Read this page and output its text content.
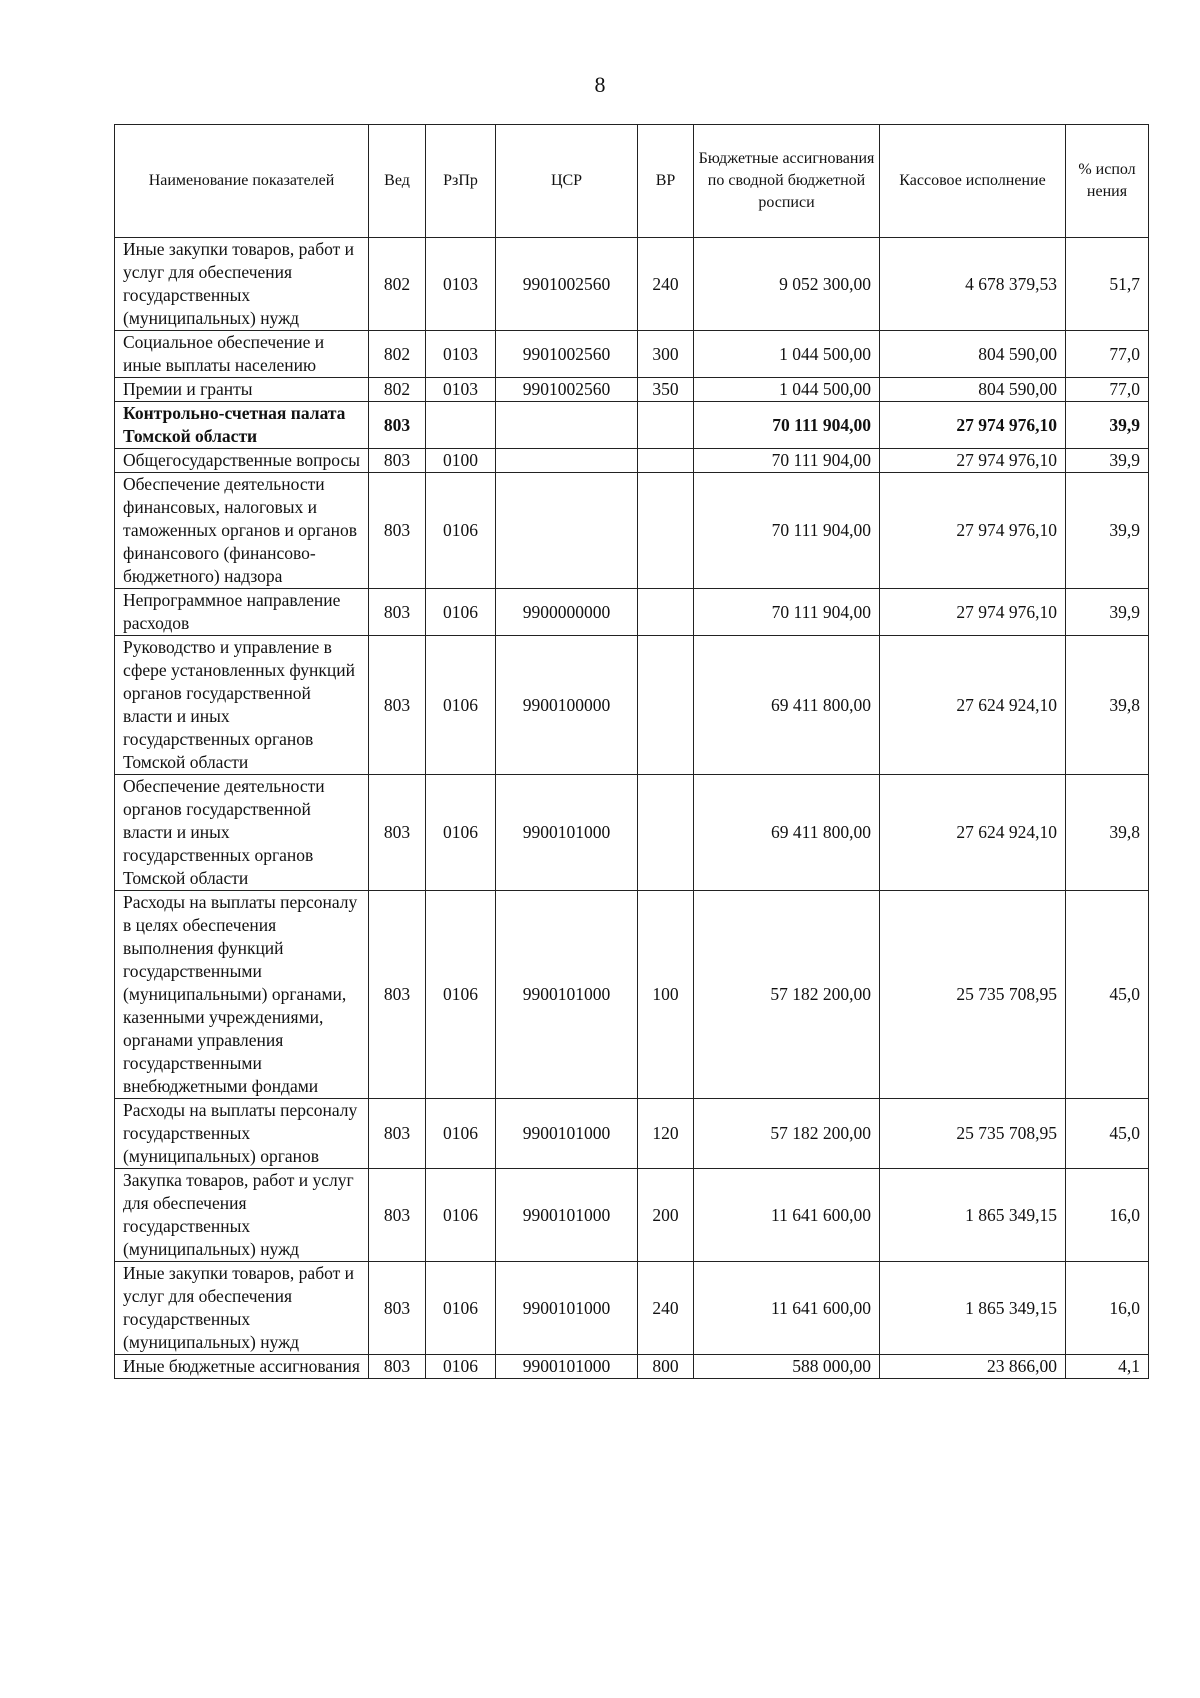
8
Наименование показателей	Вед	РзПр	ЦСР	ВР	Бюджетные ассигнования по сводной бюджетной росписи	Кассовое исполнение	% испол нения
Иные закупки товаров, работ и услуг для обеспечения государственных (муниципальных) нужд	802	0103	9901002560	240	9 052 300,00	4 678 379,53	51,7
Социальное обеспечение и иные выплаты населению	802	0103	9901002560	300	1 044 500,00	804 590,00	77,0
Премии и гранты	802	0103	9901002560	350	1 044 500,00	804 590,00	77,0
Контрольно-счетная палата Томской области	803				70 111 904,00	27 974 976,10	39,9
Общегосударственные вопросы	803	0100			70 111 904,00	27 974 976,10	39,9
Обеспечение деятельности финансовых, налоговых и таможенных органов и органов финансового (финансово-бюджетного) надзора	803	0106			70 111 904,00	27 974 976,10	39,9
Непрограммное направление расходов	803	0106	9900000000		70 111 904,00	27 974 976,10	39,9
Руководство и управление в сфере установленных функций органов государственной власти и иных государственных органов Томской области	803	0106	9900100000		69 411 800,00	27 624 924,10	39,8
Обеспечение деятельности органов государственной власти и иных государственных органов Томской области	803	0106	9900101000		69 411 800,00	27 624 924,10	39,8
Расходы на выплаты персоналу в целях обеспечения выполнения функций государственными (муниципальными) органами, казенными учреждениями, органами управления государственными внебюджетными фондами	803	0106	9900101000	100	57 182 200,00	25 735 708,95	45,0
Расходы на выплаты персоналу государственных (муниципальных) органов	803	0106	9900101000	120	57 182 200,00	25 735 708,95	45,0
Закупка товаров, работ и услуг для обеспечения государственных (муниципальных) нужд	803	0106	9900101000	200	11 641 600,00	1 865 349,15	16,0
Иные закупки товаров, работ и услуг для обеспечения государственных (муниципальных) нужд	803	0106	9900101000	240	11 641 600,00	1 865 349,15	16,0
Иные бюджетные ассигнования	803	0106	9900101000	800	588 000,00	23 866,00	4,1
